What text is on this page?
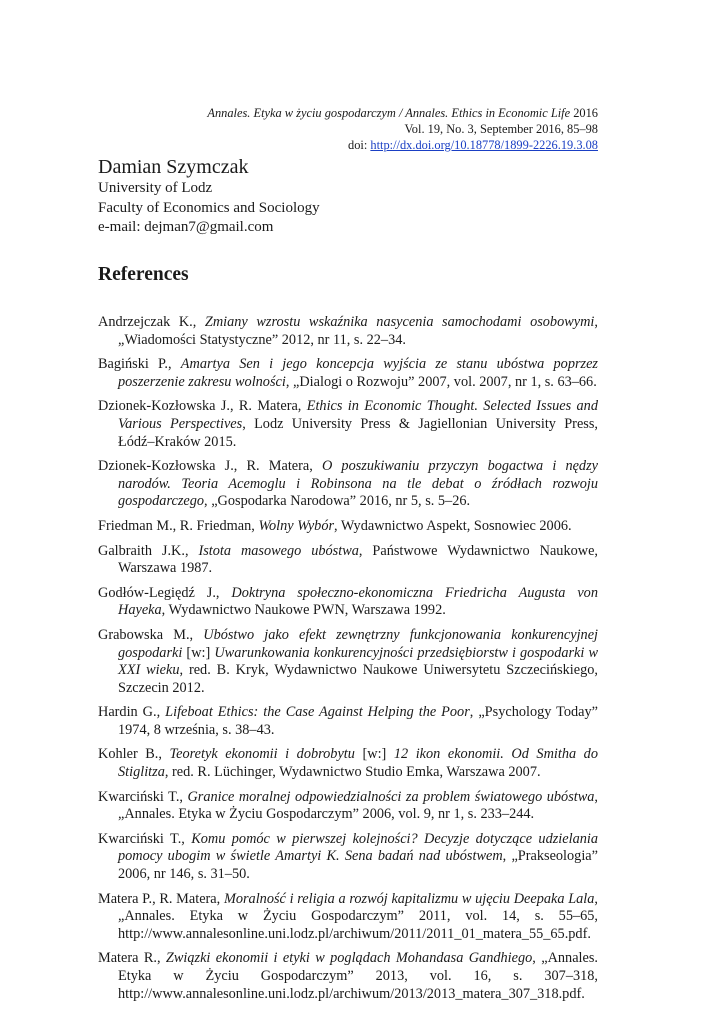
Annales. Etyka w życiu gospodarczym / Annales. Ethics in Economic Life 2016
Vol. 19, No. 3, September 2016, 85–98
doi: http://dx.doi.org/10.18778/1899-2226.19.3.08
Damian Szymczak
University of Lodz
Faculty of Economics and Sociology
e-mail: dejman7@gmail.com
References
Andrzejczak K., Zmiany wzrostu wskaźnika nasycenia samochodami osobowymi, „Wiadomości Statystyczne” 2012, nr 11, s. 22–34.
Bagiński P., Amartya Sen i jego koncepcja wyjścia ze stanu ubóstwa poprzez poszerzenie zakresu wolności, „Dialogi o Rozwoju” 2007, vol. 2007, nr 1, s. 63–66.
Dzionek-Kozłowska J., R. Matera, Ethics in Economic Thought. Selected Issues and Various Perspectives, Lodz University Press & Jagiellonian University Press, Łódź–Kraków 2015.
Dzionek-Kozłowska J., R. Matera, O poszukiwaniu przyczyn bogactwa i nędzy narodów. Teoria Acemoglu i Robinsona na tle debat o źródłach rozwoju gospodarczego, „Gospodarka Narodowa” 2016, nr 5, s. 5–26.
Friedman M., R. Friedman, Wolny Wybór, Wydawnictwo Aspekt, Sosnowiec 2006.
Galbraith J.K., Istota masowego ubóstwa, Państwowe Wydawnictwo Naukowe, Warszawa 1987.
Godłów-Legiędź J., Doktryna społeczno-ekonomiczna Friedricha Augusta von Hayeka, Wydawnictwo Naukowe PWN, Warszawa 1992.
Grabowska M., Ubóstwo jako efekt zewnętrzny funkcjonowania konkurencyjnej gospodarki [w:] Uwarunkowania konkurencyjności przedsiębiorstw i gospodarki w XXI wieku, red. B. Kryk, Wydawnictwo Naukowe Uniwersytetu Szczecińskiego, Szczecin 2012.
Hardin G., Lifeboat Ethics: the Case Against Helping the Poor, „Psychology Today” 1974, 8 września, s. 38–43.
Kohler B., Teoretyk ekonomii i dobrobytu [w:] 12 ikon ekonomii. Od Smitha do Stiglitza, red. R. Lüchinger, Wydawnictwo Studio Emka, Warszawa 2007.
Kwarciński T., Granice moralnej odpowiedzialności za problem światowego ubóstwa, „Annales. Etyka w Życiu Gospodarczym” 2006, vol. 9, nr 1, s. 233–244.
Kwarciński T., Komu pomóc w pierwszej kolejności? Decyzje dotyczące udzielania pomocy ubogim w świetle Amartyi K. Sena badań nad ubóstwem, „Prakseologia” 2006, nr 146, s. 31–50.
Matera P., R. Matera, Moralność i religia a rozwój kapitalizmu w ujęciu Deepaka Lala, „Annales. Etyka w Życiu Gospodarczym” 2011, vol. 14, s. 55–65, http://www.annalesonline.uni.lodz.pl/archiwum/2011/2011_01_matera_55_65.pdf.
Matera R., Związki ekonomii i etyki w poglądach Mohandasa Gandhiego, „Annales. Etyka w Życiu Gospodarczym” 2013, vol. 16, s. 307–318, http://www.annalesonline.uni.lodz.pl/archiwum/2013/2013_matera_307_318.pdf.
